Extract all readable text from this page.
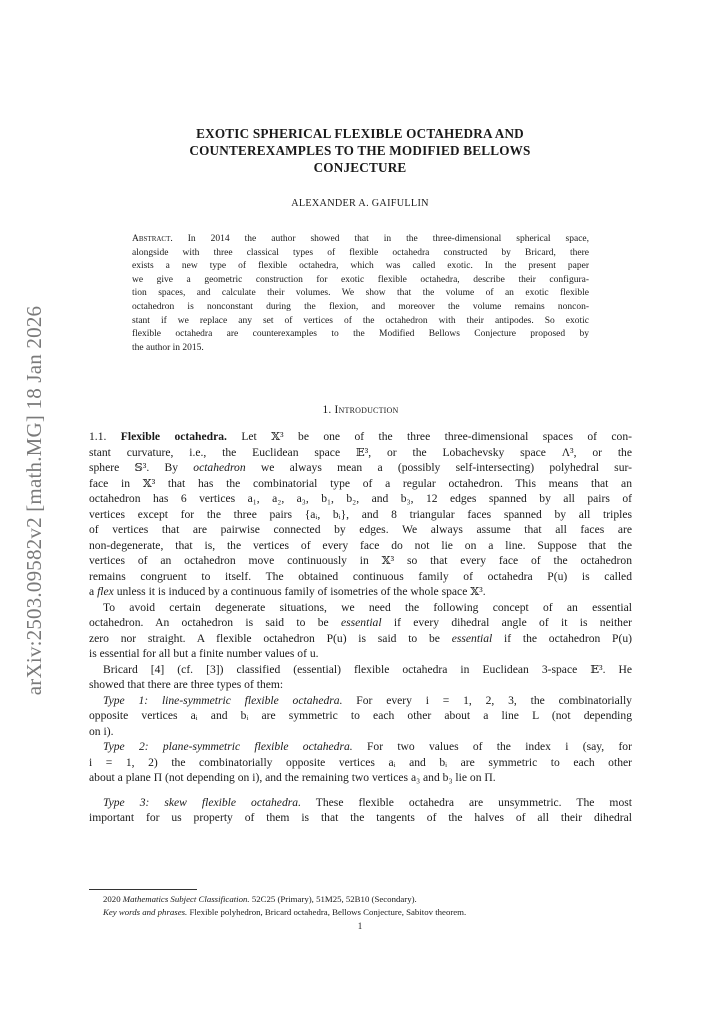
arXiv:2503.09582v2 [math.MG] 18 Jan 2026
EXOTIC SPHERICAL FLEXIBLE OCTAHEDRA AND
COUNTEREXAMPLES TO THE MODIFIED BELLOWS
CONJECTURE
ALEXANDER A. GAIFULLIN
Abstract. In 2014 the author showed that in the three-dimensional spherical space,
alongside with three classical types of flexible octahedra constructed by Bricard, there
exists a new type of flexible octahedra, which was called exotic. In the present paper
we give a geometric construction for exotic flexible octahedra, describe their configura-
tion spaces, and calculate their volumes. We show that the volume of an exotic flexible
octahedron is nonconstant during the flexion, and moreover the volume remains noncon-
stant if we replace any set of vertices of the octahedron with their antipodes. So exotic
flexible octahedra are counterexamples to the Modified Bellows Conjecture proposed by
the author in 2015.
1. Introduction
1.1. Flexible octahedra. Let 𝕏³ be one of the three three-dimensional spaces of con-
stant curvature, i.e., the Euclidean space 𝔼³, or the Lobachevsky space Λ³, or the
sphere 𝕊³. By octahedron we always mean a (possibly self-intersecting) polyhedral sur-
face in 𝕏³ that has the combinatorial type of a regular octahedron. This means that an
octahedron has 6 vertices a₁, a₂, a₃, b₁, b₂, and b₃, 12 edges spanned by all pairs of
vertices except for the three pairs {aᵢ, bᵢ}, and 8 triangular faces spanned by all triples
of vertices that are pairwise connected by edges. We always assume that all faces are
non-degenerate, that is, the vertices of every face do not lie on a line. Suppose that the
vertices of an octahedron move continuously in 𝕏³ so that every face of the octahedron
remains congruent to itself. The obtained continuous family of octahedra P(u) is called
a flex unless it is induced by a continuous family of isometries of the whole space 𝕏³.
To avoid certain degenerate situations, we need the following concept of an essential
octahedron. An octahedron is said to be essential if every dihedral angle of it is neither
zero nor straight. A flexible octahedron P(u) is said to be essential if the octahedron P(u)
is essential for all but a finite number values of u.
Bricard [4] (cf. [3]) classified (essential) flexible octahedra in Euclidean 3-space 𝔼³. He
showed that there are three types of them:
Type 1: line-symmetric flexible octahedra. For every i = 1, 2, 3, the combinatorially
opposite vertices aᵢ and bᵢ are symmetric to each other about a line L (not depending
on i).
Type 2: plane-symmetric flexible octahedra. For two values of the index i (say, for
i = 1, 2) the combinatorially opposite vertices aᵢ and bᵢ are symmetric to each other
about a plane Π (not depending on i), and the remaining two vertices a₃ and b₃ lie on Π.
Type 3: skew flexible octahedra. These flexible octahedra are unsymmetric. The most
important for us property of them is that the tangents of the halves of all their dihedral
2020 Mathematics Subject Classification. 52C25 (Primary), 51M25, 52B10 (Secondary).
Key words and phrases. Flexible polyhedron, Bricard octahedra, Bellows Conjecture, Sabitov theorem.
1
